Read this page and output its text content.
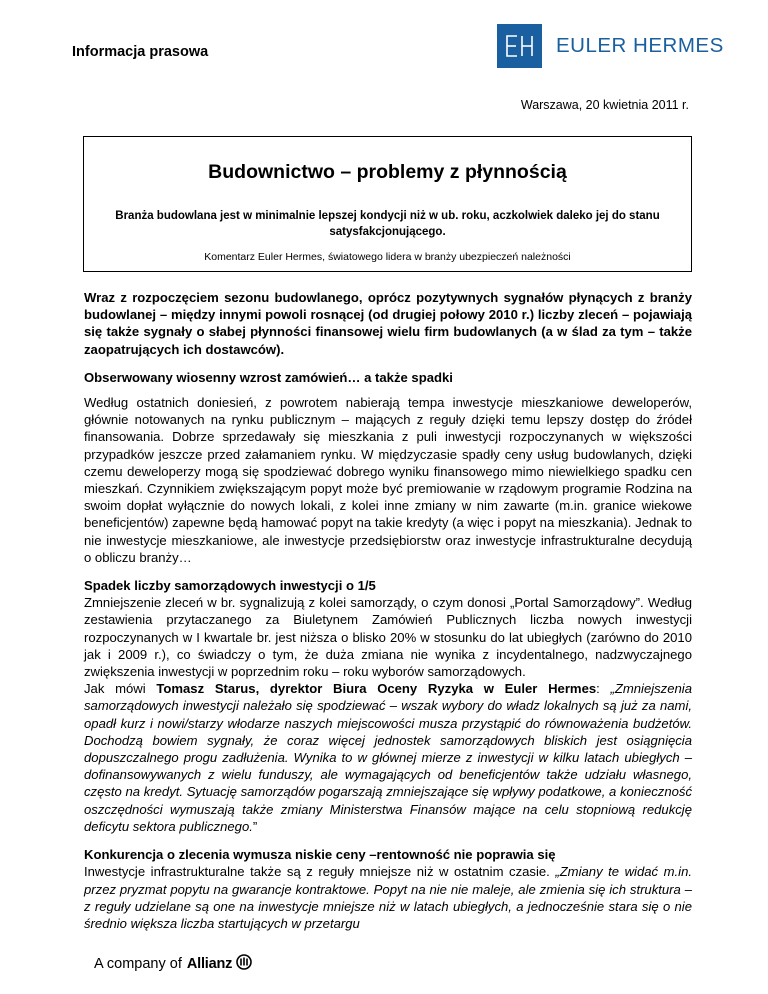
Informacja prasowa	EULER HERMES
Warszawa, 20 kwietnia 2011 r.
Budownictwo – problemy z płynnością
Branża budowlana jest w minimalnie lepszej kondycji niż w ub. roku, aczkolwiek daleko jej do stanu satysfakcjonującego.
Komentarz Euler Hermes, światowego lidera w branży ubezpieczeń należności

Wraz z rozpoczęciem sezonu budowlanego, oprócz pozytywnych sygnałów płynących z branży budowlanej – między innymi powoli rosnącej (od drugiej połowy 2010 r.) liczby zleceń – pojawiają się także sygnały o słabej płynności finansowej wielu firm budowlanych (a w ślad za tym – także zaopatrujących ich dostawców).

Obserwowany wiosenny wzrost zamówień… a także spadki

Według ostatnich doniesień, z powrotem nabierają tempa inwestycje mieszkaniowe deweloperów, głównie notowanych na rynku publicznym – mających z reguły dzięki temu lepszy dostęp do źródeł finansowania. Dobrze sprzedawały się mieszkania z puli inwestycji rozpoczynanych w większości przypadków jeszcze przed załamaniem rynku. W międzyczasie spadły ceny usług budowlanych, dzięki czemu deweloperzy mogą się spodziewać dobrego wyniku finansowego mimo niewielkiego spadku cen mieszkań. Czynnikiem zwiększającym popyt może być premiowanie w rządowym programie Rodzina na swoim dopłat wyłącznie do nowych lokali, z kolei inne zmiany w nim zawarte (m.in. granice wiekowe beneficjentów) zapewne będą hamować popyt na takie kredyty (a więc i popyt na mieszkania). Jednak to nie inwestycje mieszkaniowe, ale inwestycje przedsiębiorstw oraz inwestycje infrastrukturalne decydują o obliczu branży…

Spadek liczby samorządowych inwestycji o 1/5

Zmniejszenie zleceń w br. sygnalizują z kolei samorządy, o czym donosi „Portal Samorządowy”. Według zestawienia przytaczanego za Biuletynem Zamówień Publicznych liczba nowych inwestycji rozpoczynanych w I kwartale br. jest niższa o blisko 20% w stosunku do lat ubiegłych (zarówno do 2010 jak i 2009 r.), co świadczy o tym, że duża zmiana nie wynika z incydentalnego, nadzwyczajnego zwiększenia inwestycji w poprzednim roku – roku wyborów samorządowych.

Jak mówi Tomasz Starus, dyrektor Biura Oceny Ryzyka w Euler Hermes: „Zmniejszenia samorządowych inwestycji należało się spodziewać – wszak wybory do władz lokalnych są już za nami, opadł kurz i nowi/starzy włodarze naszych miejscowości musza przystąpić do równoważenia budżetów. Dochodzą bowiem sygnały, że coraz więcej jednostek samorządowych bliskich jest osiągnięcia dopuszczalnego progu zadłużenia. Wynika to w głównej mierze z inwestycji w kilku latach ubiegłych – dofinansowywanych z wielu funduszy, ale wymagających od beneficjentów także udziału własnego, często na kredyt. Sytuację samorządów pogarszają zmniejszające się wpływy podatkowe, a konieczność oszczędności wymuszają także zmiany Ministerstwa Finansów mające na celu stopniową redukcję deficytu sektora publicznego.”

Konkurencja o zlecenia wymusza niskie ceny –rentowność nie poprawia się

Inwestycje infrastrukturalne także są z reguły mniejsze niż w ostatnim czasie. „Zmiany te widać m.in. przez pryzmat popytu na gwarancje kontraktowe. Popyt na nie nie maleje, ale zmienia się ich struktura – z reguły udzielane są one na inwestycje mniejsze niż w latach ubiegłych, a jednocześnie stara się o nie średnio większa liczba startujących w przetargu

A company of Allianz
